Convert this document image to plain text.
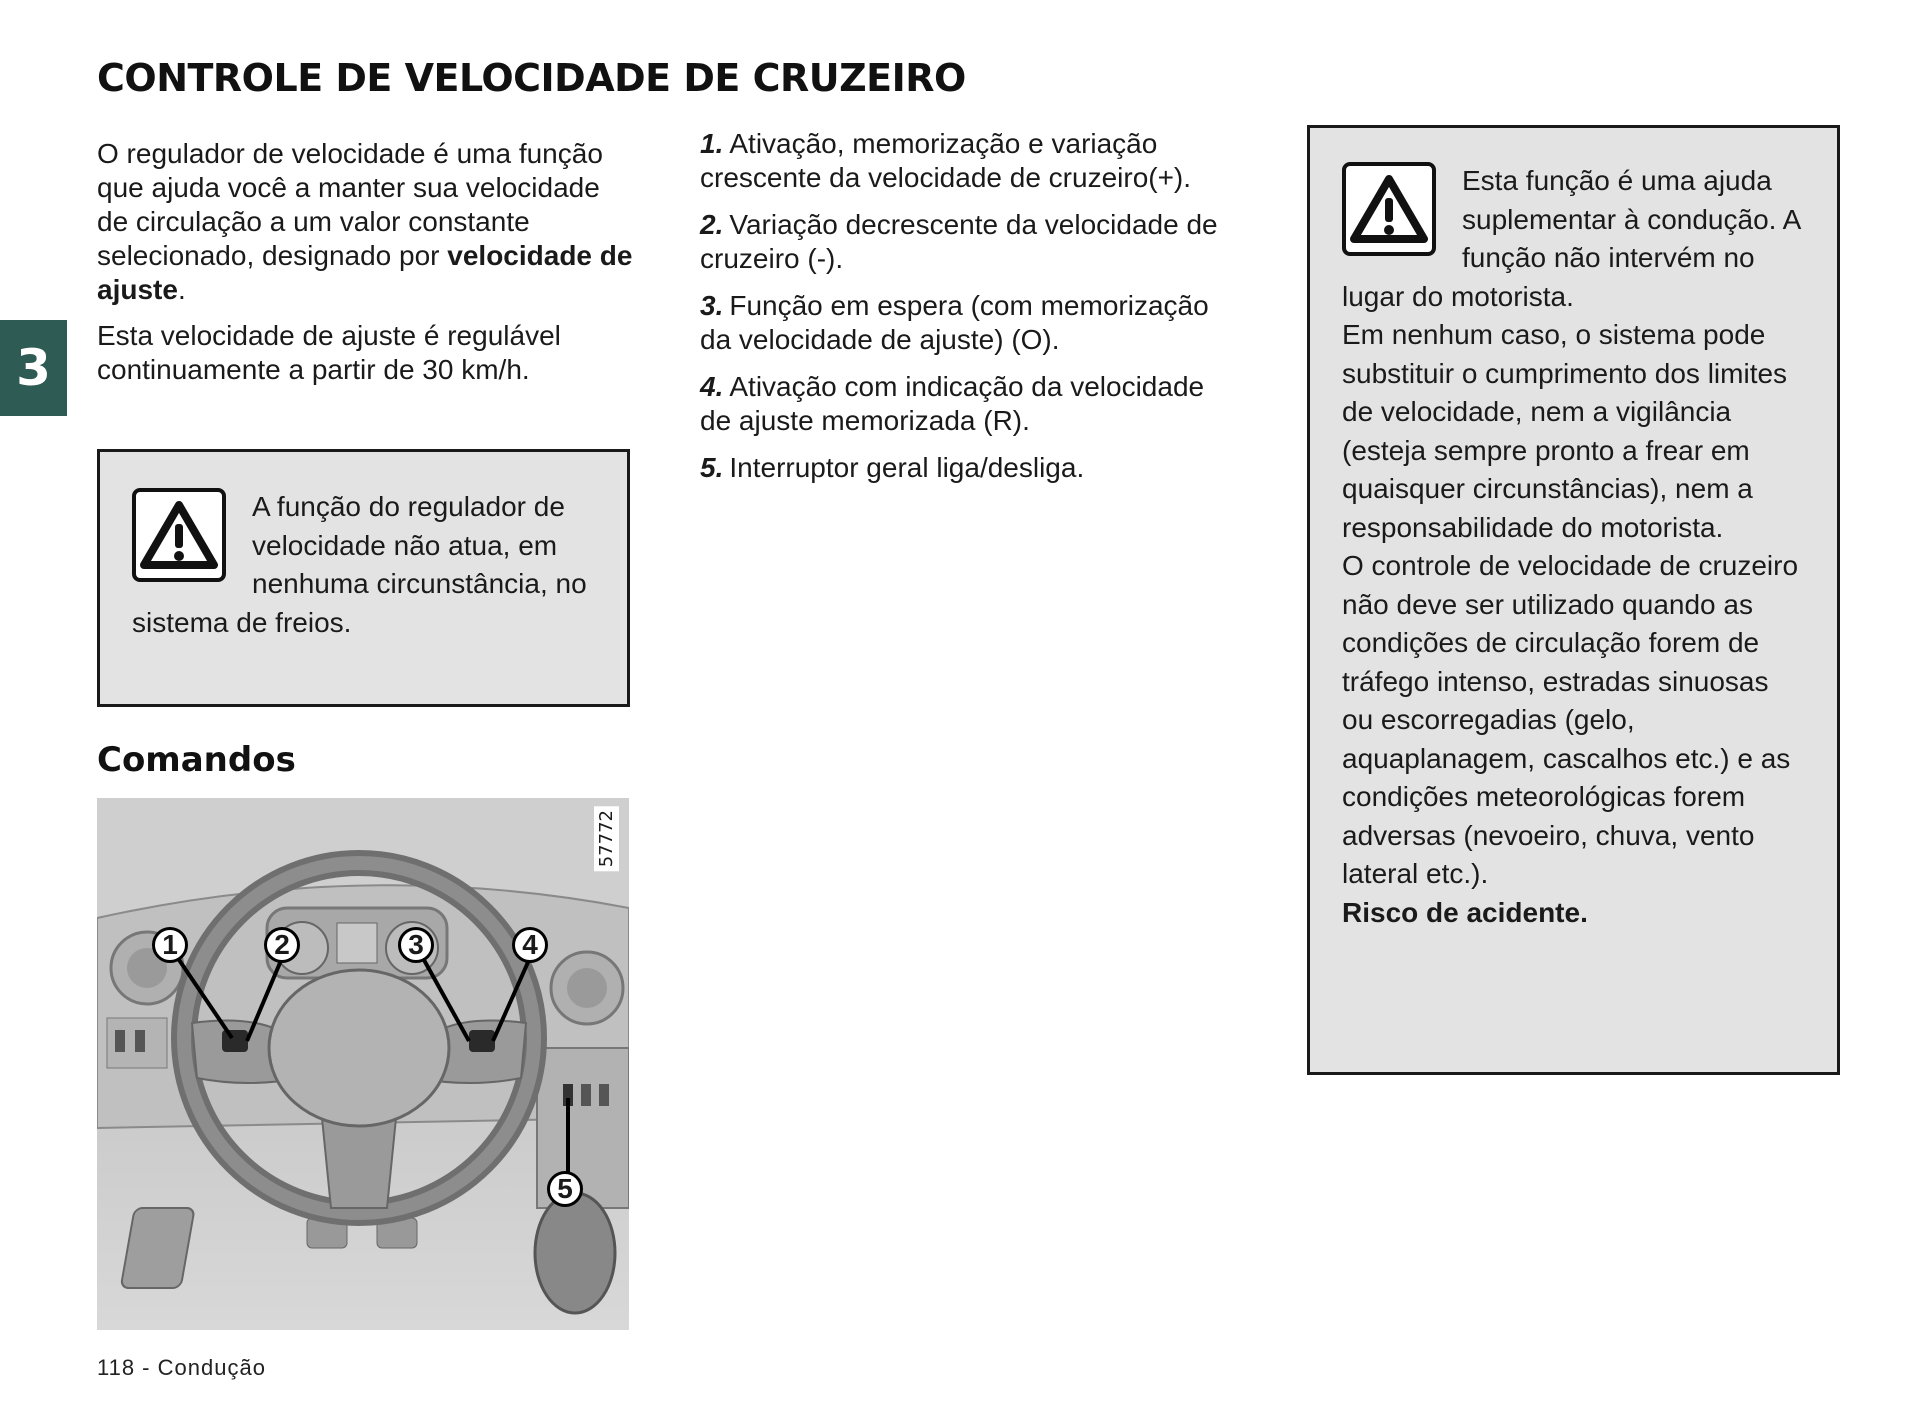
CONTROLE DE VELOCIDADE DE CRUZEIRO
3

O regulador de velocidade é uma função que ajuda você a manter sua velocidade de circulação a um valor constante selecionado, designado por velocidade de ajuste.

Esta velocidade de ajuste é regulável continuamente a partir de 30 km/h.

A função do regulador de velocidade não atua, em nenhuma circunstância, no sistema de freios.
Comandos
57772
1	2	3	4
5
1. Ativação, memorização e variação crescente da velocidade de cruzeiro(+).
2. Variação decrescente da velocidade de cruzeiro (-).
3. Função em espera (com memorização da velocidade de ajuste) (O).
4. Ativação com indicação da velocidade de ajuste memorizada (R).
5. Interruptor geral liga/desliga.
Esta função é uma ajuda suplementar à condução. A função não intervém no lugar do motorista.
Em nenhum caso, o sistema pode substituir o cumprimento dos limites de velocidade, nem a vigilância (esteja sempre pronto a frear em quaisquer circunstâncias), nem a responsabilidade do motorista.
O controle de velocidade de cruzeiro não deve ser utilizado quando as condições de circulação forem de tráfego intenso, estradas sinuosas ou escorregadias (gelo, aquaplanagem, cascalhos etc.) e as condições meteorológicas forem adversas (nevoeiro, chuva, vento lateral etc.).
Risco de acidente.

118 - Condução
